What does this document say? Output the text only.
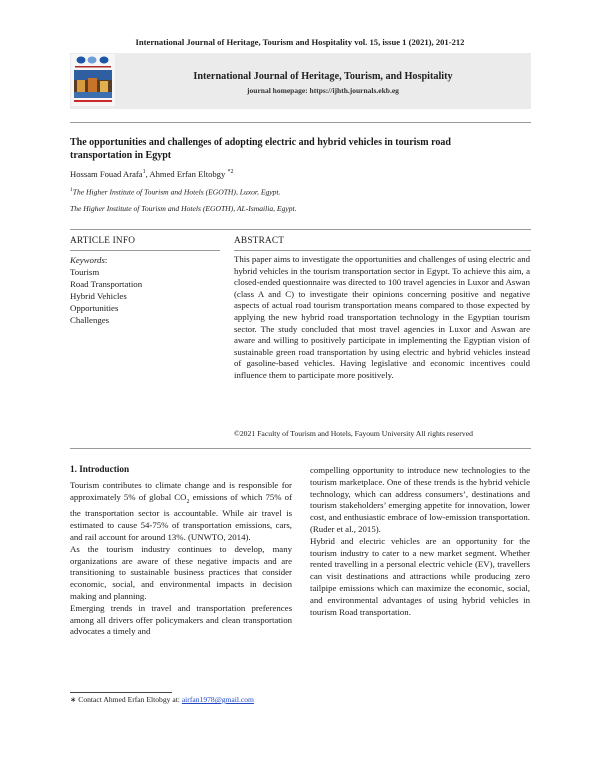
International Journal of Heritage, Tourism and Hospitality vol. 15, issue 1 (2021), 201-212
International Journal of Heritage, Tourism, and Hospitality
journal homepage: https://ijhth.journals.ekb.eg
The opportunities and challenges of adopting electric and hybrid vehicles in tourism road transportation in Egypt
Hossam Fouad Arafa$^1$, Ahmed Erfan Eltobgy $^{*2}$
$^1$The Higher Institute of Tourism and Hotels (EGOTH), Luxor, Egypt.
The Higher Institute of Tourism and Hotels (EGOTH), AL-Ismailia, Egypt.
ARTICLE INFO
Keywords:
Tourism
Road Transportation
Hybrid Vehicles
Opportunities
Challenges
ABSTRACT
This paper aims to investigate the opportunities and challenges of using electric and hybrid vehicles in the tourism transportation sector in Egypt. To achieve this aim, a closed-ended questionnaire was directed to 100 travel agencies in Luxor and Aswan (class A and C) to investigate their opinions concerning positive and negative aspects of actual road tourism transportation means compared to those expected by applying the new hybrid road transportation technology in the Egyptian tourism sector. The study concluded that most travel agencies in Luxor and Aswan are aware and willing to positively participate in implementing the Egyptian vision of sustainable green road transportation by using electric and hybrid vehicles instead of gasoline-based vehicles. Having legislative and economic incentives could influence them to participate more positively.
©2021 Faculty of Tourism and Hotels, Fayoum University All rights reserved
1. Introduction

Tourism contributes to climate change and is responsible for approximately 5% of global $CO_2$ emissions of which 75% of the transportation sector is accountable. While air travel is estimated to cause 54-75% of transportation emissions, cars, and rail account for around 13%. (UNWTO, 2014).

As the tourism industry continues to develop, many organizations are aware of these negative impacts and are transitioning to sustainable business practices that consider economic, social, and environmental impacts in decision making and planning.

Emerging trends in travel and transportation preferences among all drivers offer policymakers and clean transportation advocates a timely and

compelling opportunity to introduce new technologies to the tourism marketplace. One of these trends is the hybrid vehicle technology, which can address consumers’, destinations and tourism stakeholders’ emerging appetite for innovation, lower cost, and enthusiastic embrace of low-emission transportation. (Ruder et al., 2015).

Hybrid and electric vehicles are an opportunity for the tourism industry to cater to a new market segment. Whether rented travelling in a personal electric vehicle (EV), travellers can visit destinations and attractions while producing zero tailpipe emissions which can maximize the economic, social, and environmental advantages of using hybrid vehicles in tourism Road transportation.

∗ Contact Ahmed Erfan Eltobgy at: airfan1978@gmail.com
